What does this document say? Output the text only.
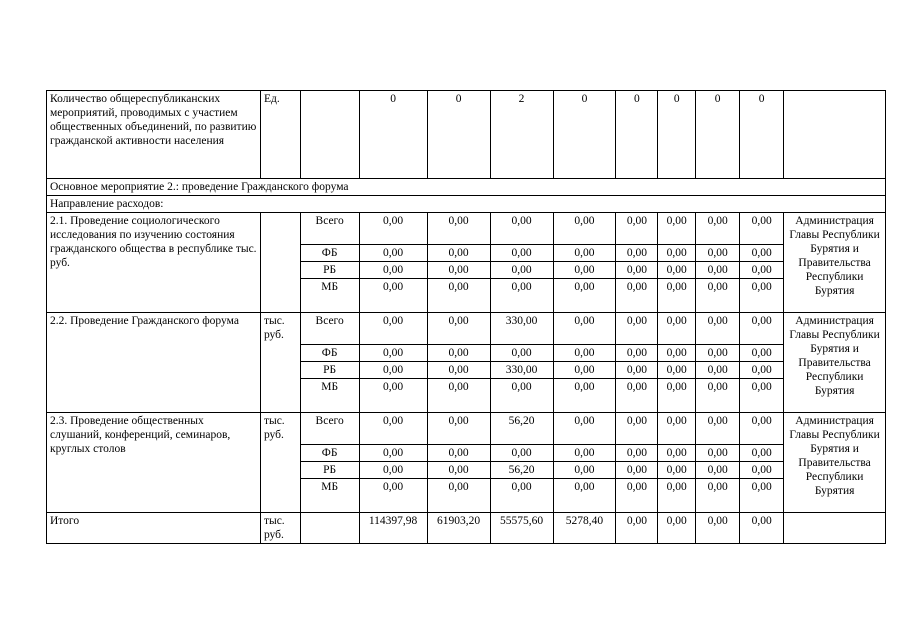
Количество общереспубликанских мероприятий, проводимых с участием общественных объединений, по развитию гражданской активности населения	Ед.		0	0	2	0	0	0	0	0	
Основное мероприятие 2.: проведение Гражданского форума											
Направление расходов:											
2.1. Проведение социологического исследования по изучению состояния гражданского общества в республике тыс. руб.		Всего	0,00	0,00	0,00	0,00	0,00	0,00	0,00	0,00	Администрация Главы Республики Бурятия и Правительства Республики Бурятия
		ФБ	0,00	0,00	0,00	0,00	0,00	0,00	0,00	0,00	
		РБ	0,00	0,00	0,00	0,00	0,00	0,00	0,00	0,00	
		МБ	0,00	0,00	0,00	0,00	0,00	0,00	0,00	0,00	
2.2. Проведение Гражданского форума	тыс. руб.	Всего	0,00	0,00	330,00	0,00	0,00	0,00	0,00	0,00	Администрация Главы Республики Бурятия и Правительства Республики Бурятия
		ФБ	0,00	0,00	0,00	0,00	0,00	0,00	0,00	0,00	
		РБ	0,00	0,00	330,00	0,00	0,00	0,00	0,00	0,00	
		МБ	0,00	0,00	0,00	0,00	0,00	0,00	0,00	0,00	
2.3. Проведение общественных слушаний, конференций, семинаров, круглых столов	тыс. руб.	Всего	0,00	0,00	56,20	0,00	0,00	0,00	0,00	0,00	Администрация Главы Республики Бурятия и Правительства Республики Бурятия
		ФБ	0,00	0,00	0,00	0,00	0,00	0,00	0,00	0,00	
		РБ	0,00	0,00	56,20	0,00	0,00	0,00	0,00	0,00	
		МБ	0,00	0,00	0,00	0,00	0,00	0,00	0,00	0,00	
Итого	тыс. руб.		114397,98	61903,20	55575,60	5278,40	0,00	0,00	0,00	0,00	
